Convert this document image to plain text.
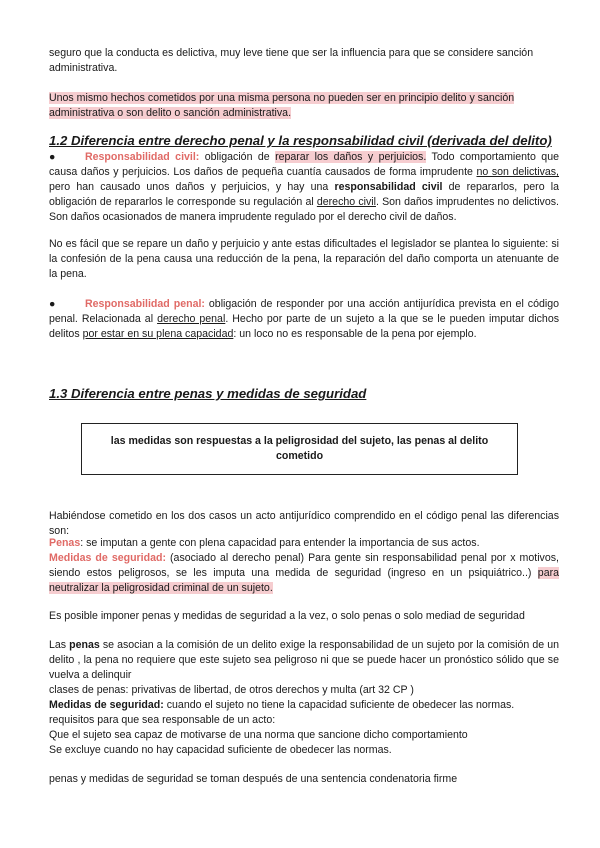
seguro que la conducta es delictiva, muy leve tiene que ser la influencia para que se considere sanción administrativa.

Unos mismo hechos cometidos por una misma persona no pueden ser en principio delito y sanción administrativa o son delito o sanción administrativa.

1.2 Diferencia entre derecho penal y la responsabilidad civil (derivada del delito)

●	Responsabilidad civil: obligación de reparar los daños y perjuicios. Todo comportamiento que causa daños y perjuicios. Los daños de pequeña cuantía causados de forma imprudente no son delictivas, pero han causado unos daños y perjuicios, y hay una responsabilidad civil de repararlos, pero la obligación de repararlos le corresponde su regulación al derecho civil. Son daños imprudentes no delictivos. Son daños ocasionados de manera imprudente regulado por el derecho civil de daños.

No es fácil que se repare un daño y perjuicio y ante estas dificultades el legislador se plantea lo siguiente: si la confesión de la pena causa una reducción de la pena, la reparación del daño comporta un atenuante de la pena.

●	Responsabilidad penal: obligación de responder por una acción antijurídica prevista en el código penal. Relacionada al derecho penal. Hecho por parte de un sujeto a la que se le pueden imputar dichos delitos por estar en su plena capacidad: un loco no es responsable de la pena por ejemplo.

1.3 Diferencia entre penas y medidas de seguridad
las medidas son respuestas a la peligrosidad del sujeto, las penas al delito cometido

Habiéndose cometido en los dos casos un acto antijurídico comprendido en el código penal las diferencias son:

Penas: se imputan a gente con plena capacidad para entender la importancia de sus actos.

Medidas de seguridad: (asociado al derecho penal) Para gente sin responsabilidad penal por x motivos, siendo estos peligrosos, se les imputa una medida de seguridad (ingreso en un psiquiátrico..) para neutralizar la peligrosidad criminal de un sujeto.

Es posible imponer penas y medidas de seguridad a la vez, o solo penas o solo mediad de seguridad

Las penas se asocian a la comisión de un delito exige la responsabilidad de un sujeto por la comisión de un delito , la pena no requiere que este sujeto sea peligroso ni que se puede hacer un pronóstico sólido que se vuelva a delinquir

clases de penas: privativas de libertad, de otros derechos y multa (art 32 CP )

Medidas de seguridad: cuando el sujeto no tiene la capacidad suficiente de obedecer las normas.

requisitos para que sea responsable de un acto:

Que el sujeto sea capaz de motivarse de una norma que sancione dicho comportamiento

Se excluye cuando no hay capacidad suficiente de obedecer las normas.

penas y medidas de seguridad se toman después de una sentencia condenatoria firme
